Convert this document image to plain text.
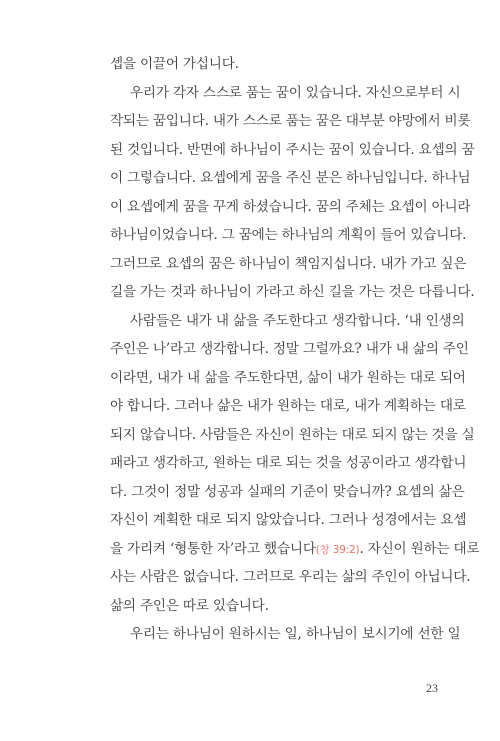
셉을 이끌어 가십니다.
우리가 각자 스스로 품는 꿈이 있습니다. 자신으로부터 시
작되는 꿈입니다. 내가 스스로 품는 꿈은 대부분 야망에서 비롯
된 것입니다. 반면에 하나님이 주시는 꿈이 있습니다. 요셉의 꿈
이 그렇습니다. 요셉에게 꿈을 주신 분은 하나님입니다. 하나님
이 요셉에게 꿈을 꾸게 하셨습니다. 꿈의 주체는 요셉이 아니라
하나님이었습니다. 그 꿈에는 하나님의 계획이 들어 있습니다.
그러므로 요셉의 꿈은 하나님이 책임지십니다. 내가 가고 싶은
길을 가는 것과 하나님이 가라고 하신 길을 가는 것은 다릅니다.
사람들은 내가 내 삶을 주도한다고 생각합니다. ‘내 인생의
주인은 나’라고 생각합니다. 정말 그럴까요? 내가 내 삶의 주인
이라면, 내가 내 삶을 주도한다면, 삶이 내가 원하는 대로 되어
야 합니다. 그러나 삶은 내가 원하는 대로, 내가 계획하는 대로
되지 않습니다. 사람들은 자신이 원하는 대로 되지 않는 것을 실
패라고 생각하고, 원하는 대로 되는 것을 성공이라고 생각합니
다. 그것이 정말 성공과 실패의 기준이 맞습니까? 요셉의 삶은
자신이 계획한 대로 되지 않았습니다. 그러나 성경에서는 요셉
을 가리켜 ‘형통한 자’라고 했습니다(창 39:2). 자신이 원하는 대로
사는 사람은 없습니다. 그러므로 우리는 삶의 주인이 아닙니다.
삶의 주인은 따로 있습니다.
우리는 하나님이 원하시는 일, 하나님이 보시기에 선한 일
23
